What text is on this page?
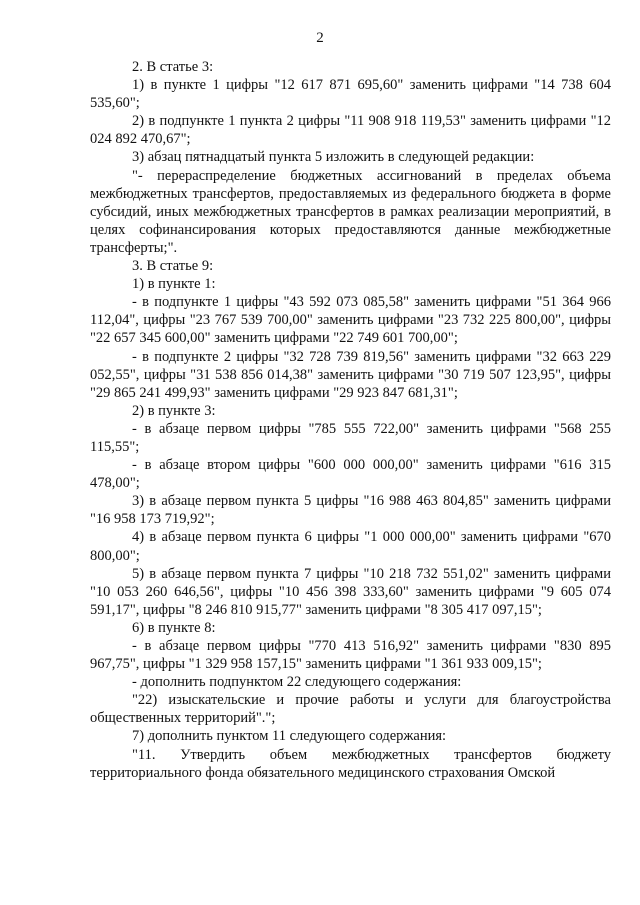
2

2. В статье 3:

1) в пункте 1 цифры "12 617 871 695,60" заменить цифрами "14 738 604 535,60";

2) в подпункте 1 пункта 2 цифры "11 908 918 119,53" заменить цифрами "12 024 892 470,67";

3) абзац пятнадцатый пункта 5 изложить в следующей редакции:

"- перераспределение бюджетных ассигнований в пределах объема межбюджетных трансфертов, предоставляемых из федерального бюджета в форме субсидий, иных межбюджетных трансфертов в рамках реализации мероприятий, в целях софинансирования которых предоставляются данные межбюджетные трансферты;".

3. В статье 9:

1) в пункте 1:

- в подпункте 1 цифры "43 592 073 085,58" заменить цифрами "51 364 966 112,04", цифры "23 767 539 700,00" заменить цифрами "23 732 225 800,00", цифры "22 657 345 600,00" заменить цифрами "22 749 601 700,00";

- в подпункте 2 цифры "32 728 739 819,56" заменить цифрами "32 663 229 052,55", цифры "31 538 856 014,38" заменить цифрами "30 719 507 123,95", цифры "29 865 241 499,93" заменить цифрами "29 923 847 681,31";

2) в пункте 3:

- в абзаце первом цифры "785 555 722,00" заменить цифрами "568 255 115,55";

- в абзаце втором цифры "600 000 000,00" заменить цифрами "616 315 478,00";

3) в абзаце первом пункта 5 цифры "16 988 463 804,85" заменить цифрами "16 958 173 719,92";

4) в абзаце первом пункта 6 цифры "1 000 000,00" заменить цифрами "670 800,00";

5) в абзаце первом пункта 7 цифры "10 218 732 551,02" заменить цифрами "10 053 260 646,56", цифры "10 456 398 333,60" заменить цифрами "9 605 074 591,17", цифры "8 246 810 915,77" заменить цифрами "8 305 417 097,15";

6) в пункте 8:

- в абзаце первом цифры "770 413 516,92" заменить цифрами "830 895 967,75", цифры "1 329 958 157,15" заменить цифрами "1 361 933 009,15";

- дополнить подпунктом 22 следующего содержания:

"22) изыскательские и прочие работы и услуги для благоустройства общественных территорий".";

7) дополнить пунктом 11 следующего содержания:

"11. Утвердить объем межбюджетных трансфертов бюджету территориального фонда обязательного медицинского страхования Омской
